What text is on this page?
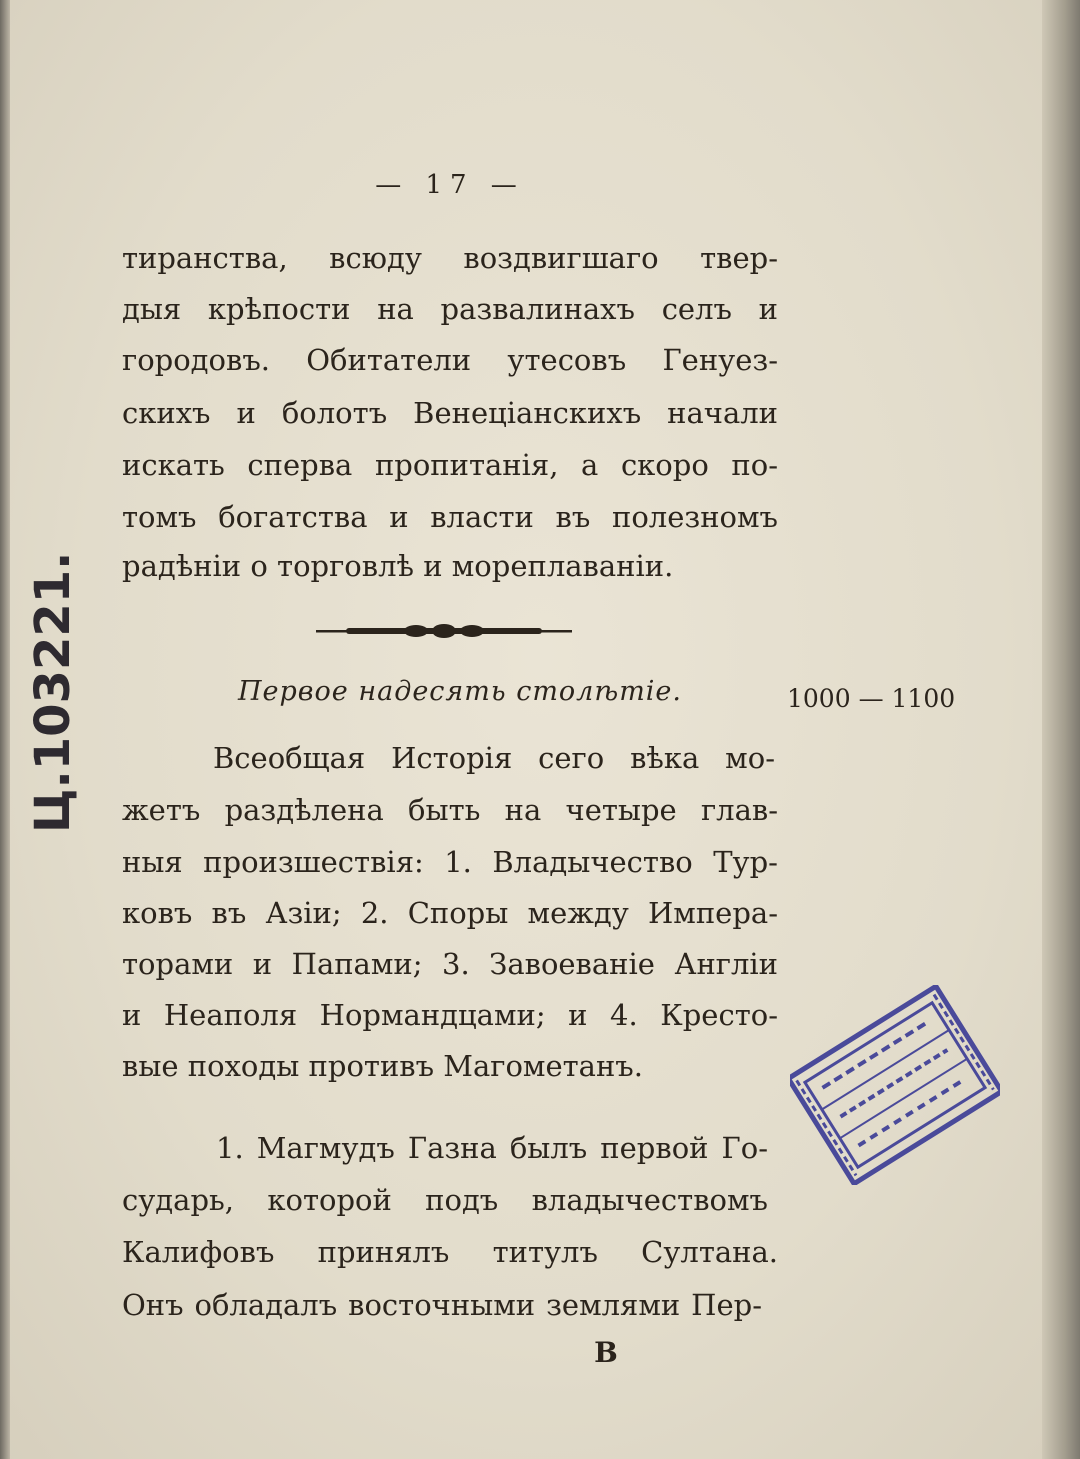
— 17 —

тиранства, всюду воздвигшаго твер-

дыя крѣпости на развалинахъ селъ и

городовъ. Обитатели утесовъ Генуез-

скихъ и болотъ Венеціанскихъ начали

искать сперва пропитанія, а скоро по-

томъ богатства и власти въ полезномъ

радѣніи о торговлѣ и мореплаваніи.

Первое надесять столѣтіе.	1000 — 1100

Всеобщая Исторія сего вѣка мо-

жетъ раздѣлена быть на четыре глав-

ныя произшествія: 1. Владычество Тур-

ковъ въ Азіи; 2. Споры между Импера-

торами и Папами; 3. Завоеваніе Англіи

и Неаполя Нормандцами; и 4. Кресто-

вые походы противъ Магометанъ.

1. Магмудъ Газна былъ первой Го-

сударь, которой подъ владычествомъ

Калифовъ принялъ титулъ Султана.

Онъ обладалъ восточными землями Пер-

В
Ц.103221.
